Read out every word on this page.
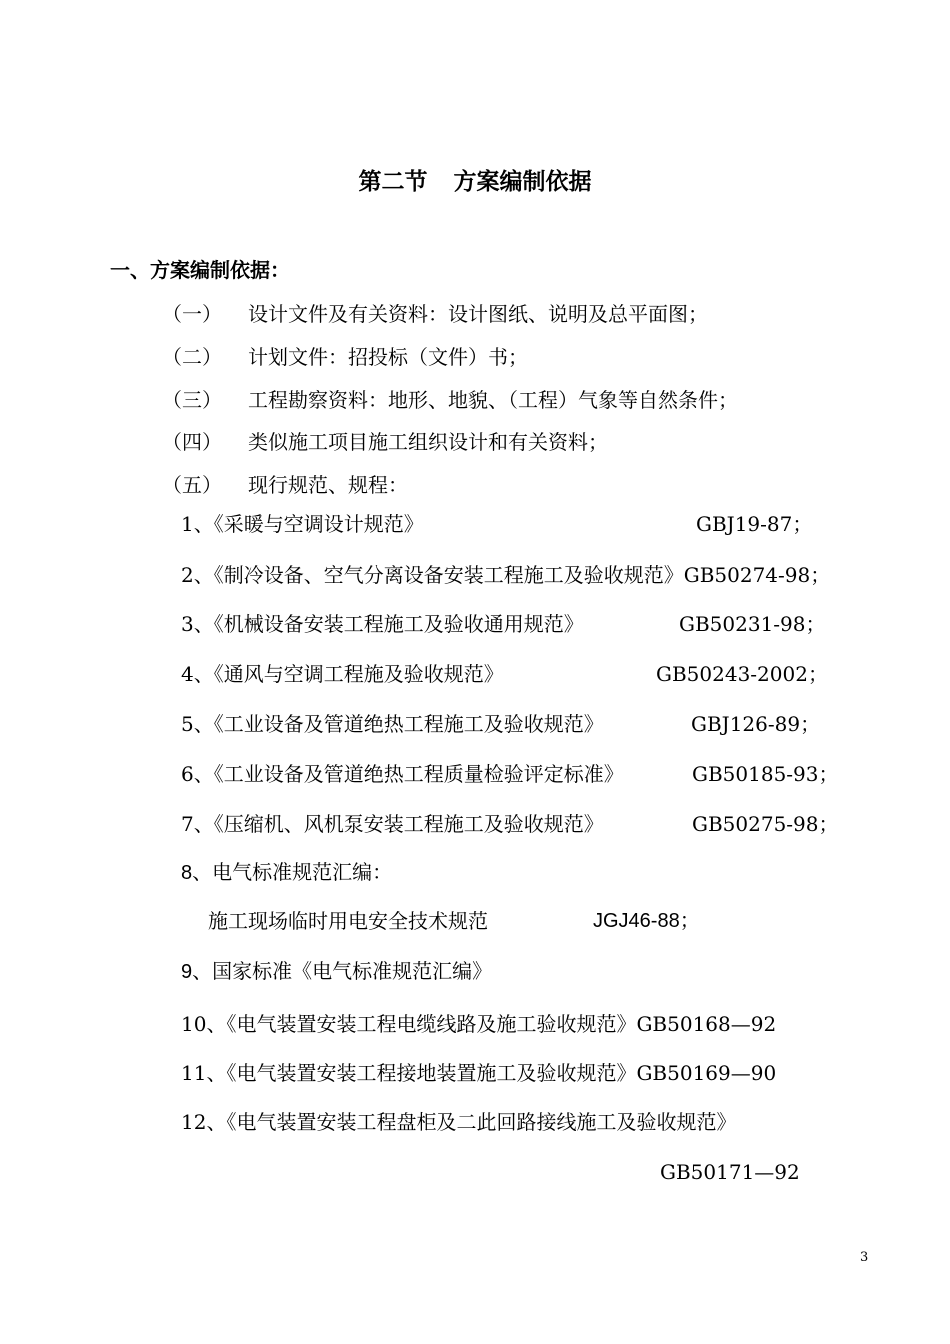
第二节 方案编制依据
一、方案编制依据：
（一） 设计文件及有关资料：设计图纸、说明及总平面图；
（二） 计划文件：招投标（文件）书；
（三） 工程勘察资料：地形、地貌、（工程）气象等自然条件；
（四） 类似施工项目施工组织设计和有关资料；
（五） 现行规范、规程：
1、《采暖与空调设计规范》	GBJ19-87；
2、《制冷设备、空气分离设备安装工程施工及验收规范》GB50274-98；
3、《机械设备安装工程施工及验收通用规范》	GB50231-98；
4、《通风与空调工程施及验收规范》	GB50243-2002；
5、《工业设备及管道绝热工程施工及验收规范》	GBJ126-89；
6、《工业设备及管道绝热工程质量检验评定标准》	GB50185-93；
7、《压缩机、风机泵安装工程施工及验收规范》	GB50275-98；
8、电气标准规范汇编：
施工现场临时用电安全技术规范	JGJ46-88；
9、国家标准《电气标准规范汇编》
10、《电气装置安装工程电缆线路及施工验收规范》GB50168—92
11、《电气装置安装工程接地装置施工及验收规范》GB50169—90
12、《电气装置安装工程盘柜及二此回路接线施工及验收规范》
GB50171—92
3
